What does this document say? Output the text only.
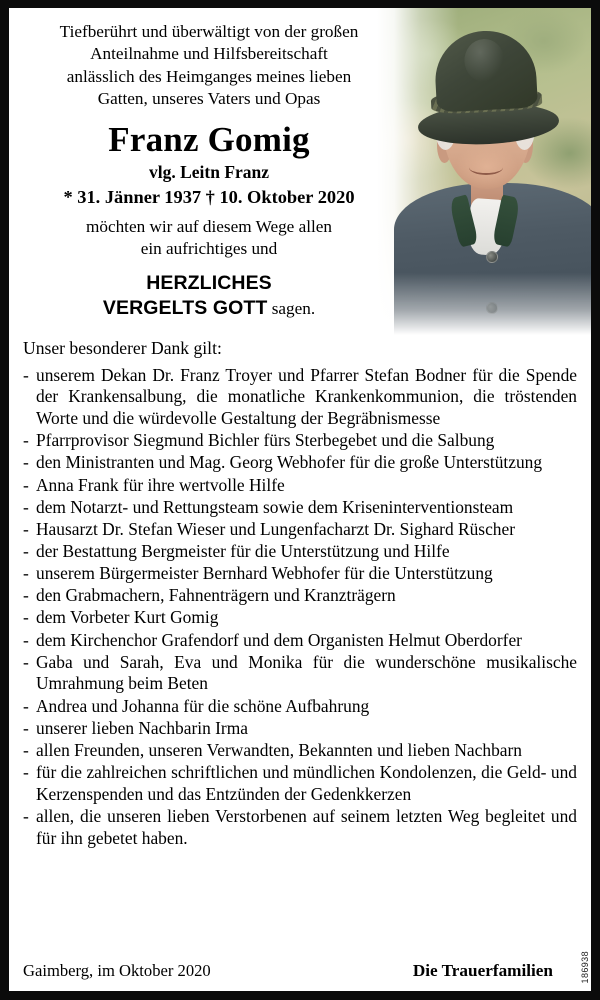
Tiefberührt und überwältigt von der großen
Anteilnahme und Hilfsbereitschaft
anlässlich des Heimganges meines lieben
Gatten, unseres Vaters und Opas
Franz Gomig
vlg. Leitn Franz
* 31. Jänner 1937 † 10. Oktober 2020
möchten wir auf diesem Wege allen
ein aufrichtiges und
HERZLICHES
VERGELTS GOTT sagen.
Unser besonderer Dank gilt:
- unserem Dekan Dr. Franz Troyer und Pfarrer Stefan Bodner für die Spende der Krankensalbung, die monatliche Krankenkommunion, die tröstenden Worte und die würdevolle Gestaltung der Begräbnismesse
- Pfarrprovisor Siegmund Bichler fürs Sterbegebet und die Salbung
- den Ministranten und Mag. Georg Webhofer für die große Unterstützung
- Anna Frank für ihre wertvolle Hilfe
- dem Notarzt- und Rettungsteam sowie dem Kriseninterventionsteam
- Hausarzt Dr. Stefan Wieser und Lungenfacharzt Dr. Sighard Rüscher
- der Bestattung Bergmeister für die Unterstützung und Hilfe
- unserem Bürgermeister Bernhard Webhofer für die Unterstützung
- den Grabmachern, Fahnenträgern und Kranzträgern
- dem Vorbeter Kurt Gomig
- dem Kirchenchor Grafendorf und dem Organisten Helmut Oberdorfer
- Gaba und Sarah, Eva und Monika für die wunderschöne musikalische Umrahmung beim Beten
- Andrea und Johanna für die schöne Aufbahrung
- unserer lieben Nachbarin Irma
- allen Freunden, unseren Verwandten, Bekannten und lieben Nachbarn
- für die zahlreichen schriftlichen und mündlichen Kondolenzen, die Geld- und Kerzenspenden und das Entzünden der Gedenkkerzen
- allen, die unseren lieben Verstorbenen auf seinem letzten Weg begleitet und für ihn gebetet haben.
Gaimberg, im Oktober 2020	Die Trauerfamilien	186938
